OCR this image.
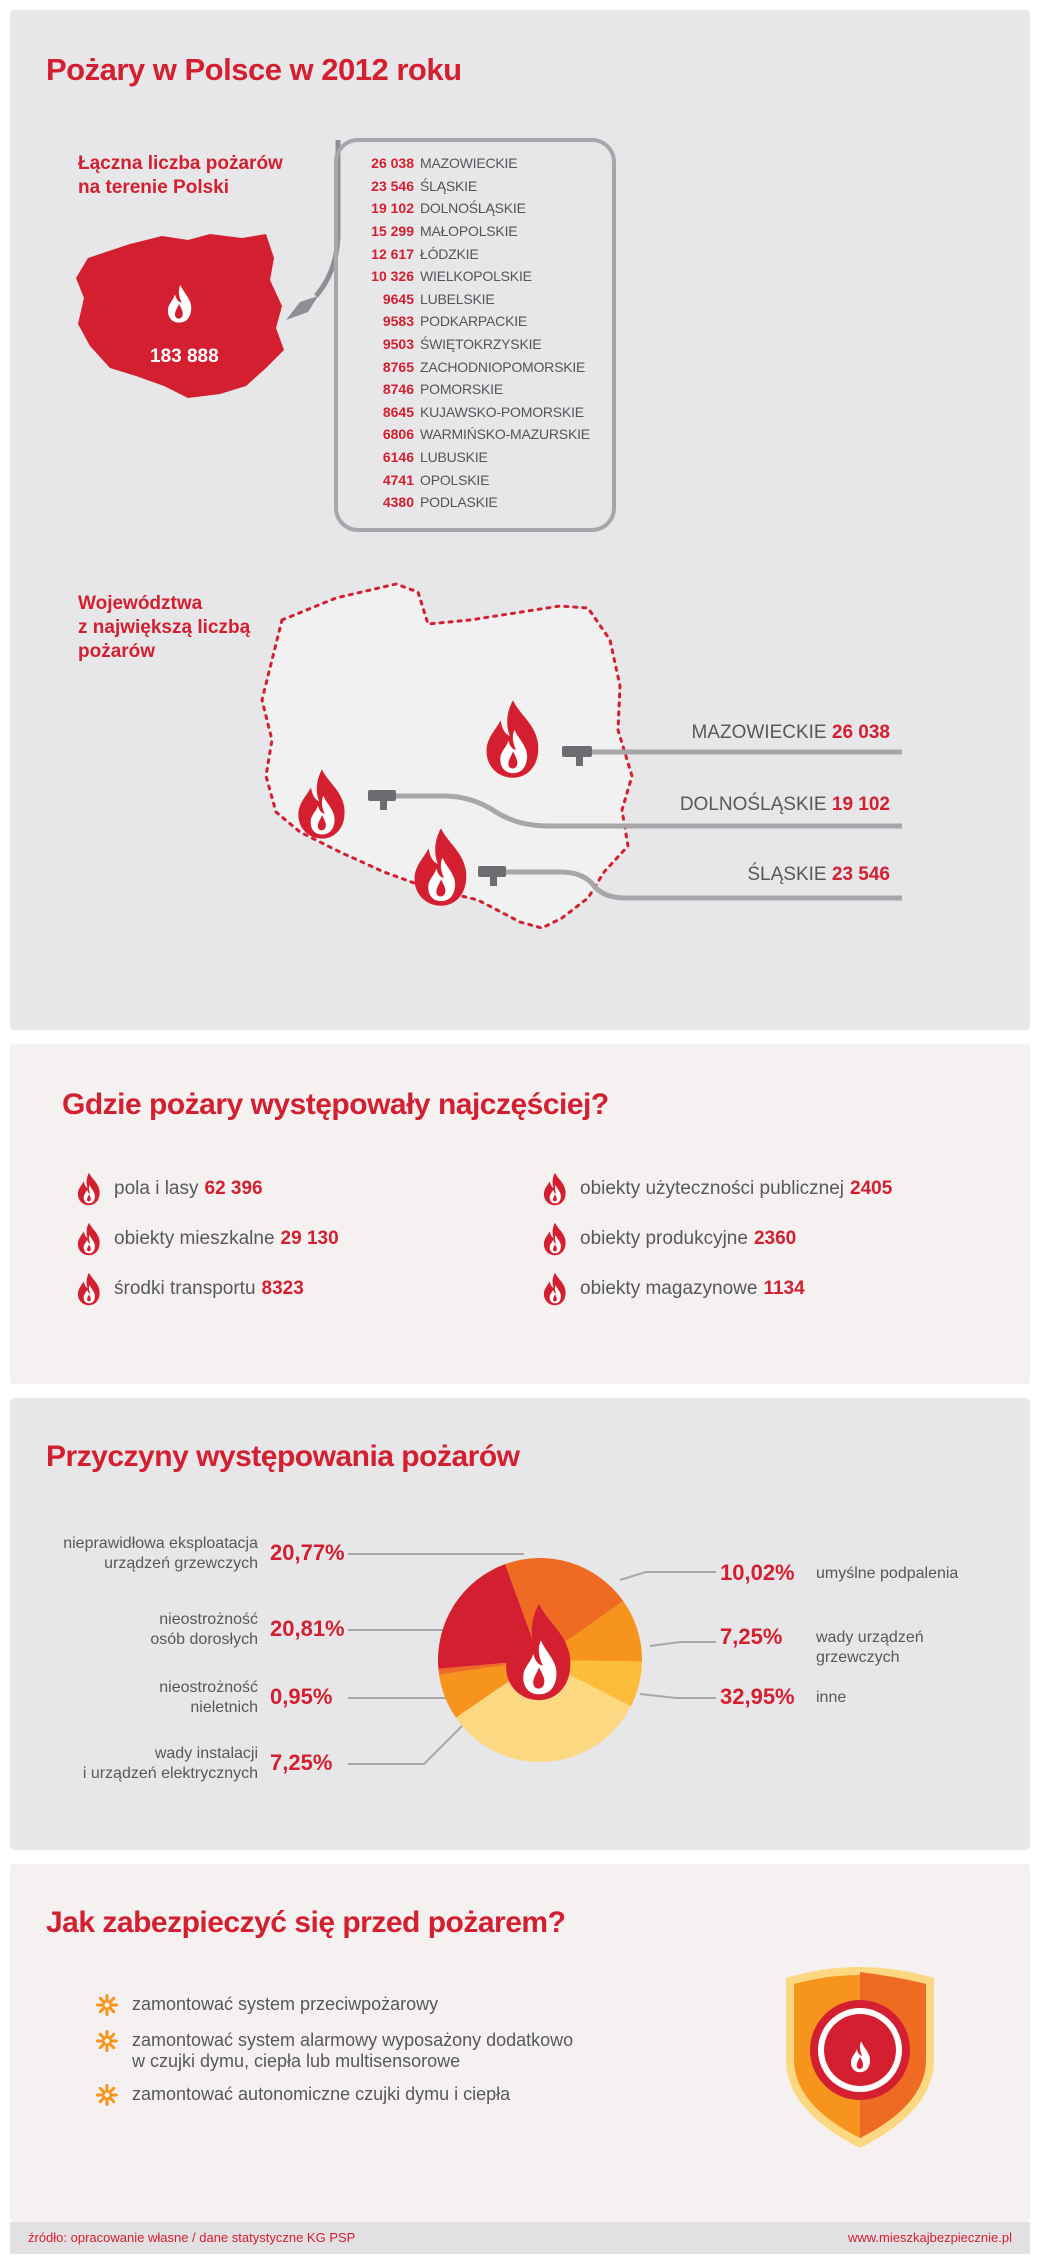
Pożary w Polsce w 2012 roku
Łączna liczba pożarów
na terenie Polski
183 888
26 038 MAZOWIECKIE
23 546 ŚLĄSKIE
19 102 DOLNOŚLĄSKIE
15 299 MAŁOPOLSKIE
12 617 ŁÓDZKIE
10 326 WIELKOPOLSKIE
9645 LUBELSKIE
9583 PODKARPACKIE
9503 ŚWIĘTOKRZYSKIE
8765 ZACHODNIOPOMORSKIE
8746 POMORSKIE
8645 KUJAWSKO-POMORSKIE
6806 WARMIŃSKO-MAZURSKIE
6146 LUBUSKIE
4741 OPOLSKIE
4380 PODLASKIE
Województwa
z największą liczbą
pożarów
MAZOWIECKIE 26 038
DOLNOŚLĄSKIE 19 102
ŚLĄSKIE 23 546
Gdzie pożary występowały najczęściej?
pola i lasy 62 396
obiekty mieszkalne 29 130
środki transportu 8323
obiekty użyteczności publicznej 2405
obiekty produkcyjne 2360
obiekty magazynowe 1134
Przyczyny występowania pożarów
nieprawidłowa eksploatacja
urządzeń grzewczych 20,77%
nieostrożność
osób dorosłych 20,81%
nieostrożność
nieletnich 0,95%
wady instalacji
i urządzeń elektrycznych 7,25%
10,02% umyślne podpalenia
7,25% wady urządzeń
grzewczych
32,95% inne
Jak zabezpieczyć się przed pożarem?
zamontować system przeciwpożarowy
zamontować system alarmowy wyposażony dodatkowo
w czujki dymu, ciepła lub multisensorowe
zamontować autonomiczne czujki dymu i ciepła
źródło: opracowanie własne / dane statystyczne KG PSP	www.mieszkajbezpiecznie.pl
